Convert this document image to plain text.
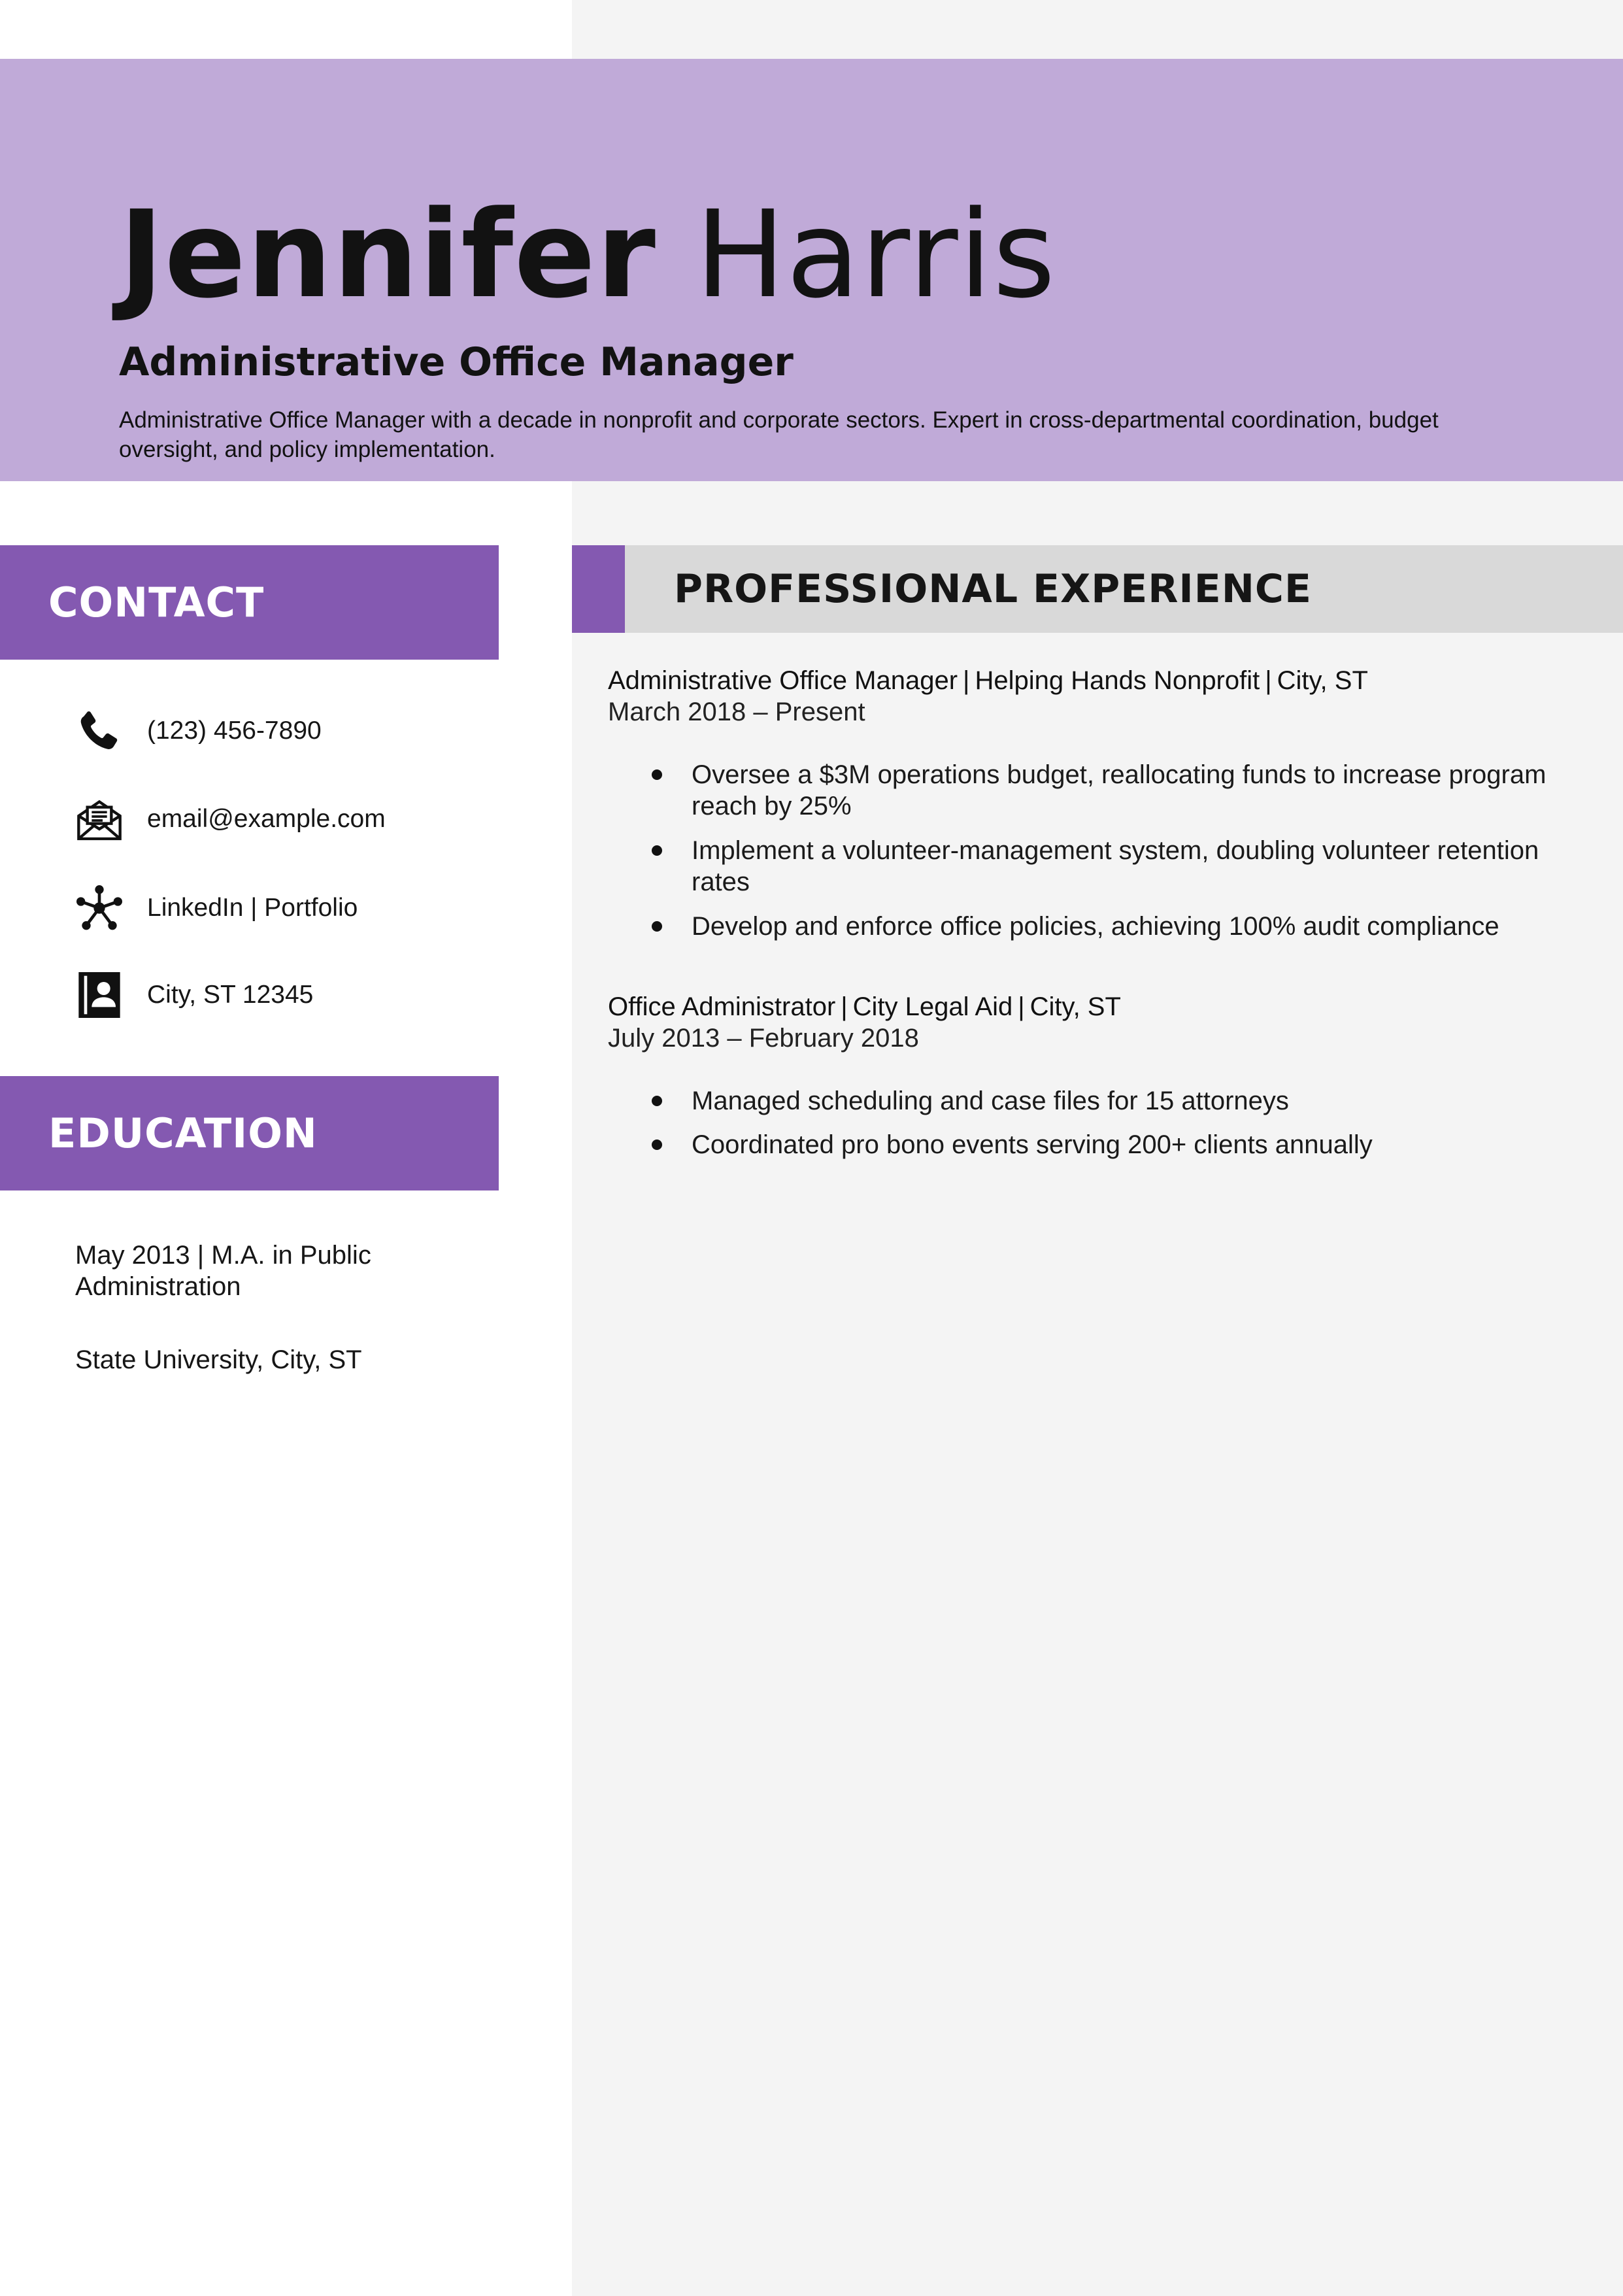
Jennifer Harris
Administrative Office Manager
Administrative Office Manager with a decade in nonprofit and corporate sectors. Expert in cross-departmental coordination, budget oversight, and policy implementation.
CONTACT
(123) 456-7890
email@example.com
LinkedIn | Portfolio
City, ST 12345
EDUCATION
May 2013 | M.A. in Public Administration
State University, City, ST
PROFESSIONAL EXPERIENCE
Administrative Office Manager | Helping Hands Nonprofit | City, ST
March 2018 – Present
Oversee a $3M operations budget, reallocating funds to increase program reach by 25%
Implement a volunteer-management system, doubling volunteer retention rates
Develop and enforce office policies, achieving 100% audit compliance
Office Administrator | City Legal Aid | City, ST
July 2013 – February 2018
Managed scheduling and case files for 15 attorneys
Coordinated pro bono events serving 200+ clients annually
